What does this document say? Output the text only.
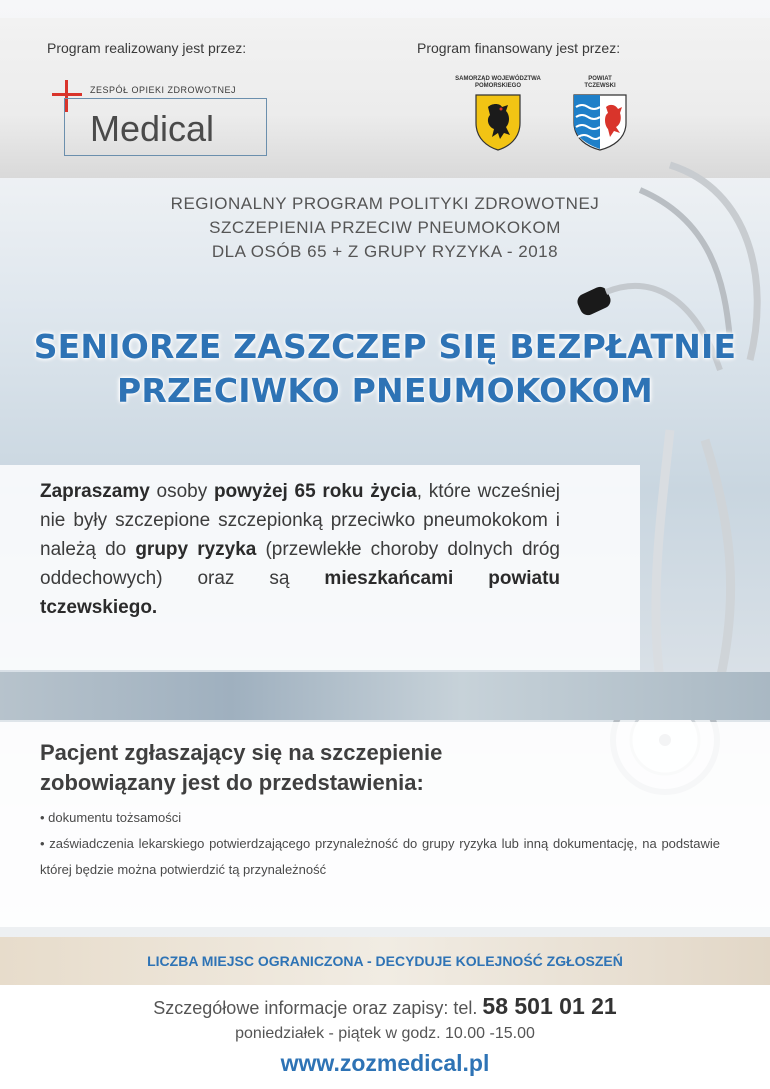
Program realizowany jest przez:	Program finansowany jest przez:
ZESPÓŁ OPIEKI ZDROWOTNEJ
Medical
SAMORZĄD WOJEWÓDZTWA
POMORSKIEGO
POWIAT
TCZEWSKI
REGIONALNY PROGRAM POLITYKI ZDROWOTNEJ
SZCZEPIENIA PRZECIW PNEUMOKOKOM
DLA OSÓB 65 + Z GRUPY RYZYKA - 2018
SENIORZE ZASZCZEP SIĘ BEZPŁATNIE
PRZECIWKO PNEUMOKOKOM
Zapraszamy osoby powyżej 65 roku życia, które wcześniej nie były szczepione szczepionką przeciwko pneumokokom i należą do grupy ryzyka (przewlekłe choroby dolnych dróg oddechowych) oraz są mieszkańcami powiatu tczewskiego.
Pacjent zgłaszający się na szczepienie
zobowiązany jest do przedstawienia:
• dokumentu tożsamości
• zaświadczenia lekarskiego potwierdzającego przynależność do grupy ryzyka lub inną dokumentację, na podstawie której będzie można potwierdzić tą przynależność
LICZBA MIEJSC OGRANICZONA - DECYDUJE KOLEJNOŚĆ ZGŁOSZEŃ
Szczegółowe informacje oraz zapisy: tel. 58 501 01 21
poniedziałek - piątek w godz. 10.00 -15.00
www.zozmedical.pl
